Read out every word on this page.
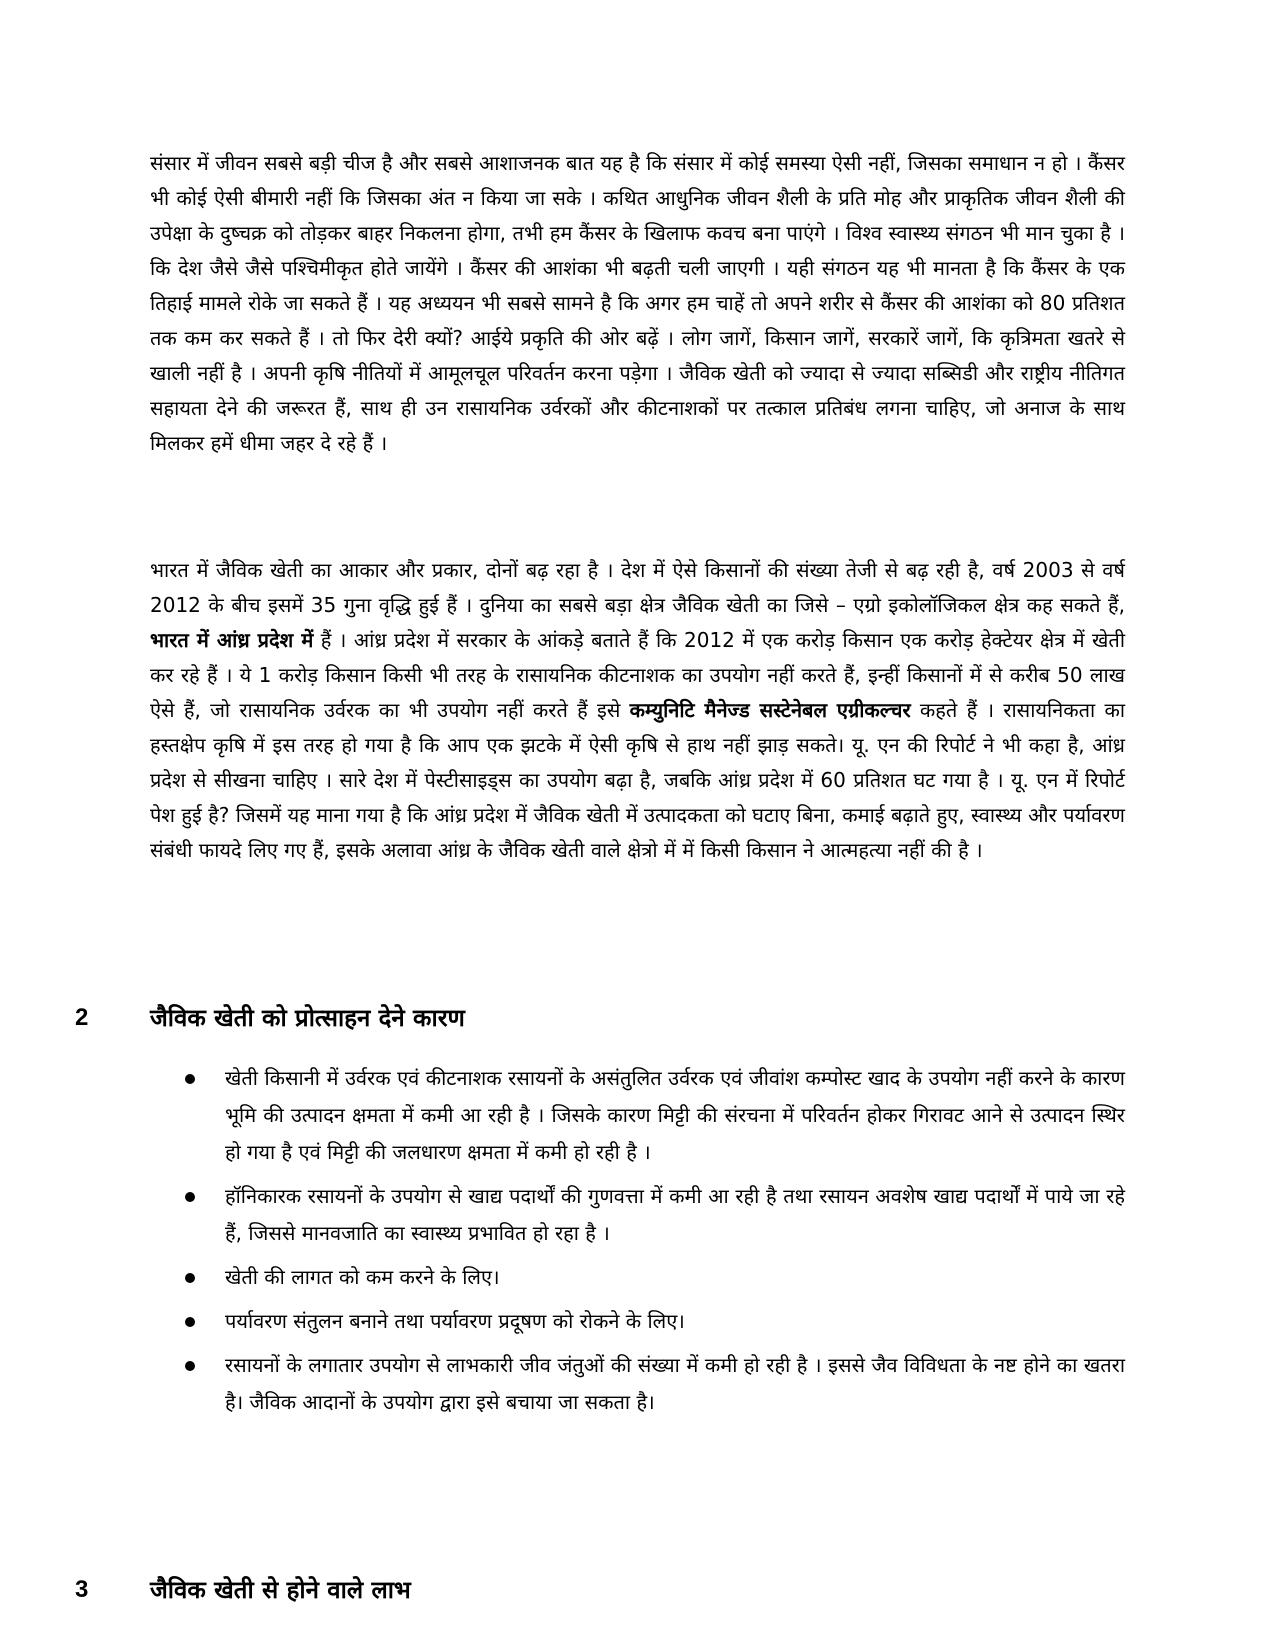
संसार में जीवन सबसे बड़ी चीज है और सबसे आशाजनक बात यह है कि संसार में कोई समस्या ऐसी नहीं, जिसका समाधान न हो । कैंसर भी कोई ऐसी बीमारी नहीं कि जिसका अंत न किया जा सके । कथित आधुनिक जीवन शैली के प्रति मोह और प्राकृतिक जीवन शैली की उपेक्षा के दुष्चक्र को तोड़कर बाहर निकलना होगा, तभी हम कैंसर के खिलाफ कवच बना पाएंगे । विश्व स्वास्थ्य संगठन भी मान चुका है । कि देश जैसे जैसे पश्चिमीकृत होते जायेंगे । कैंसर की आशंका भी बढ़ती चली जाएगी । यही संगठन यह भी मानता है कि कैंसर के एक तिहाई मामले रोके जा सकते हैं । यह अध्ययन भी सबसे सामने है कि अगर हम चाहें तो अपने शरीर से कैंसर की आशंका को 80 प्रतिशत तक कम कर सकते हैं । तो फिर देरी क्यों? आईये प्रकृति की ओर बढ़ें । लोग जागें, किसान जागें, सरकारें जागें, कि कृत्रिमता खतरे से खाली नहीं है । अपनी कृषि नीतियों में आमूलचूल परिवर्तन करना पड़ेगा । जैविक खेती को ज्यादा से ज्यादा सब्सिडी और राष्ट्रीय नीतिगत सहायता देने की जरूरत हैं, साथ ही उन रासायनिक उर्वरकों और कीटनाशकों पर तत्काल प्रतिबंध लगना चाहिए, जो अनाज के साथ मिलकर हमें धीमा जहर दे रहे हैं ।

भारत में जैविक खेती का आकार और प्रकार, दोनों बढ़ रहा है । देश में ऐसे किसानों की संख्या तेजी से बढ़ रही है, वर्ष 2003 से वर्ष 2012 के बीच इसमें 35 गुना वृद्धि हुई हैं । दुनिया का सबसे बड़ा क्षेत्र जैविक खेती का जिसे – एग्रो इकोलॉजिकल क्षेत्र कह सकते हैं, भारत में आंध्र प्रदेश में हैं । आंध्र प्रदेश में सरकार के आंकड़े बताते हैं कि 2012 में एक करोड़ किसान एक करोड़ हेक्टेयर क्षेत्र में खेती कर रहे हैं । ये 1 करोड़ किसान किसी भी तरह के रासायनिक कीटनाशक का उपयोग नहीं करते हैं, इन्हीं किसानों में से करीब 50 लाख ऐसे हैं, जो रासायनिक उर्वरक का भी उपयोग नहीं करते हैं इसे कम्युनिटि मैनेज्ड सस्टेनेबल एग्रीकल्चर कहते हैं । रासायनिकता का हस्तक्षेप कृषि में इस तरह हो गया है कि आप एक झटके में ऐसी कृषि से हाथ नहीं झाड़ सकते। यू. एन की रिपोर्ट ने भी कहा है, आंध्र प्रदेश से सीखना चाहिए । सारे देश में पेस्टीसाइड्स का उपयोग बढ़ा है, जबकि आंध्र प्रदेश में 60 प्रतिशत घट गया है । यू. एन में रिपोर्ट पेश हुई है? जिसमें यह माना गया है कि आंध्र प्रदेश में जैविक खेती में उत्पादकता को घटाए बिना, कमाई बढ़ाते हुए, स्वास्थ्य और पर्यावरण संबंधी फायदे लिए गए हैं, इसके अलावा आंध्र के जैविक खेती वाले क्षेत्रो में में किसी किसान ने आत्महत्या नहीं की है ।

2	जैविक खेती को प्रोत्साहन देने कारण
खेती किसानी में उर्वरक एवं कीटनाशक रसायनों के असंतुलित उर्वरक एवं जीवांश कम्पोस्ट खाद के उपयोग नहीं करने के कारण भूमि की उत्पादन क्षमता में कमी आ रही है । जिसके कारण मिट्टी की संरचना में परिवर्तन होकर गिरावट आने से उत्पादन स्थिर हो गया है एवं मिट्टी की जलधारण क्षमता में कमी हो रही है ।
हॉनिकारक रसायनों के उपयोग से खाद्य पदार्थों की गुणवत्ता में कमी आ रही है तथा रसायन अवशेष खाद्य पदार्थों में पाये जा रहे हैं, जिससे मानवजाति का स्वास्थ्य प्रभावित हो रहा है ।
खेती की लागत को कम करने के लिए।
पर्यावरण संतुलन बनाने तथा पर्यावरण प्रदूषण को रोकने के लिए।
रसायनों के लगातार उपयोग से लाभकारी जीव जंतुओं की संख्या में कमी हो रही है । इससे जैव विविधता के नष्ट होने का खतरा है। जैविक आदानों के उपयोग द्वारा इसे बचाया जा सकता है।
3	जैविक खेती से होने वाले लाभ
